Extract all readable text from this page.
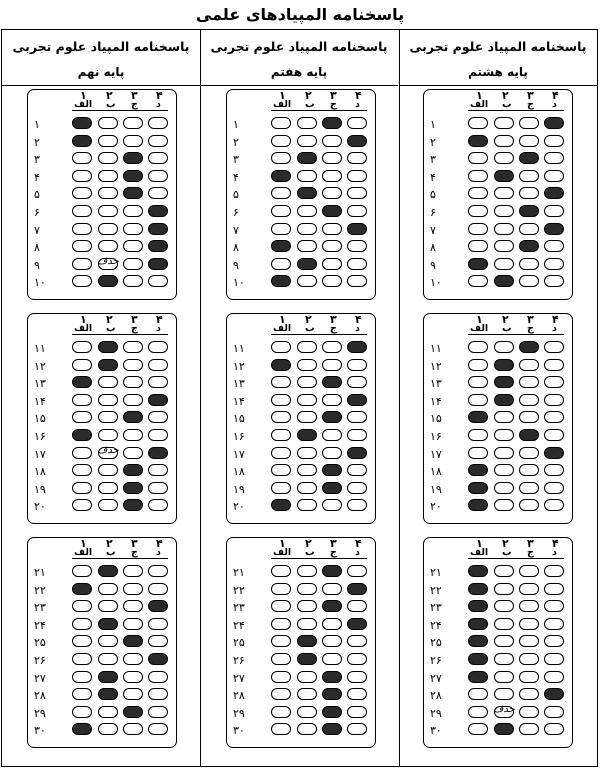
پاسخنامه المپیادهای علمی
پاسخنامه المپیاد علوم تجربی
پایه هشتم
۴
۳
۲
۱
د
ج
ب
الف
۱
۲
۳
۴
۵
۶
۷
۸
۹
۱۰
۴
۳
۲
۱
د
ج
ب
الف
۱۱
۱۲
۱۳
۱۴
۱۵
۱۶
۱۷
۱۸
۱۹
۲۰
۴
۳
۲
۱
د
ج
ب
الف
۲۱
۲۲
۲۳
۲۴
۲۵
۲۶
۲۷
۲۸
۲۹
۳۰
پاسخنامه المپیاد علوم تجربی
پایه هفتم
۴
۳
۲
۱
د
ج
ب
الف
۱
۲
۳
۴
۵
۶
۷
۸
۹
۱۰
۴
۳
۲
۱
د
ج
ب
الف
۱۱
۱۲
۱۳
۱۴
۱۵
۱۶
۱۷
۱۸
۱۹
۲۰
۴
۳
۲
۱
د
ج
ب
الف
۲۱
۲۲
۲۳
۲۴
۲۵
۲۶
۲۷
۲۸
۲۹
۳۰
پاسخنامه المپیاد علوم تجربی
پایه نهم
۴
۳
۲
۱
د
ج
ب
الف
۱
۲
۳
۴
۵
۶
۷
۸
۹
۱۰
۴
۳
۲
۱
د
ج
ب
الف
۱۱
۱۲
۱۳
۱۴
۱۵
۱۶
۱۷
۱۸
۱۹
۲۰
۴
۳
۲
۱
د
ج
ب
الف
۲۱
۲۲
۲۳
۲۴
۲۵
۲۶
۲۷
۲۸
۲۹
۳۰
حذف
حذف
حذف
